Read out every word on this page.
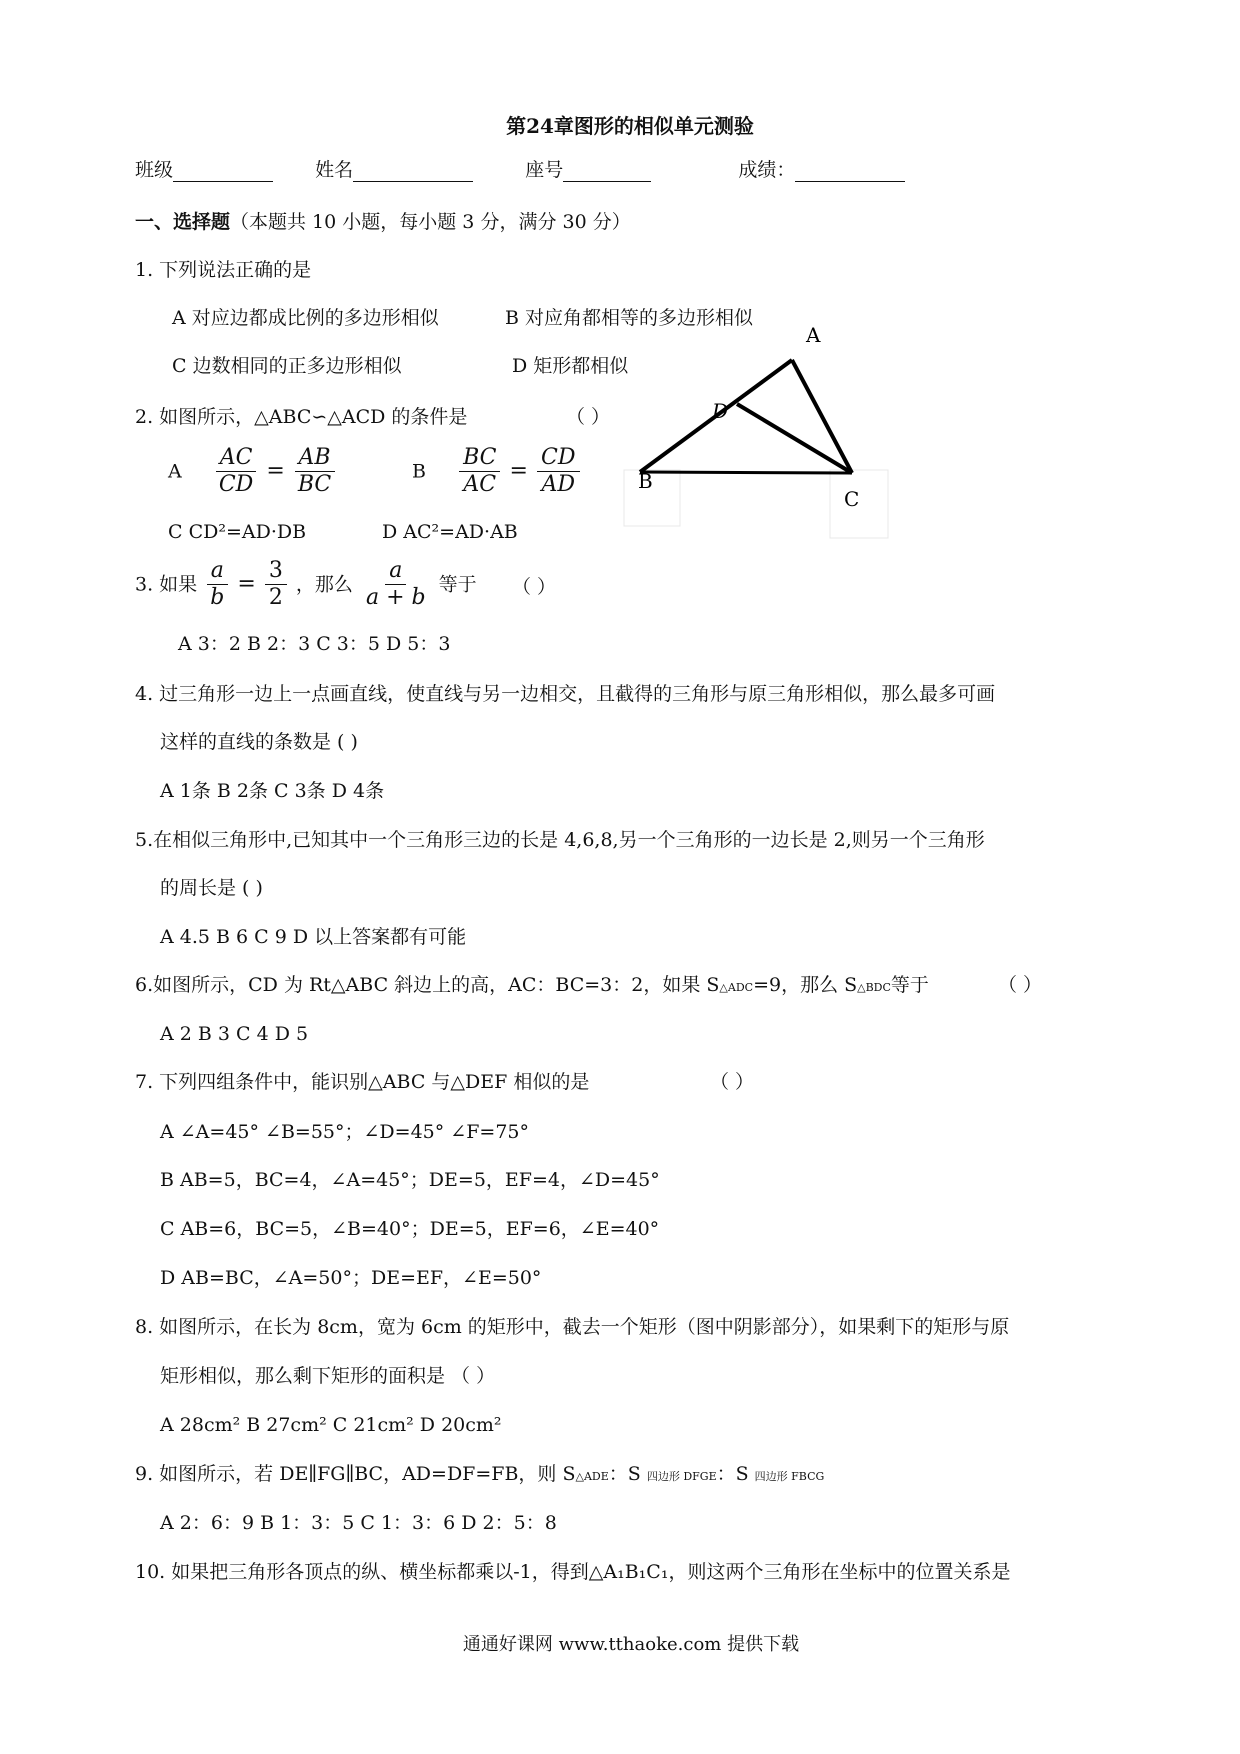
第24章图形的相似单元测验
班级	姓名	座号	成绩：
一、选择题（本题共 10 小题，每小题 3 分，满分 30 分）
1. 下列说法正确的是
A 对应边都成比例的多边形相似	B 对应角都相等的多边形相似
C 边数相同的正多边形相似	D 矩形都相似
2. 如图所示，△ABC∽△ACD 的条件是	（ ）
A $\frac{AC}{CD} = \frac{AB}{BC}$	B $\frac{BC}{AC} = \frac{CD}{AD}$
C CD²=AD·DB	D AC²=AD·AB
A
B
C
D
3. 如果 $\frac{a}{b} = \frac{3}{2}$ ，那么 $\frac{a}{a + b}$ 等于 （ ）
A 3：2 B 2：3 C 3：5 D 5：3
4. 过三角形一边上一点画直线，使直线与另一边相交，且截得的三角形与原三角形相似，那么最多可画
这样的直线的条数是 ( )
A 1条 B 2条 C 3条 D 4条
5.在相似三角形中,已知其中一个三角形三边的长是 4,6,8,另一个三角形的一边长是 2,则另一个三角形
的周长是 ( )
A 4.5 B 6 C 9 D 以上答案都有可能
6.如图所示，CD 为 Rt△ABC 斜边上的高，AC：BC=3：2，如果 S△ADC=9，那么 S△BDC等于	（ ）
A 2 B 3 C 4 D 5
7. 下列四组条件中，能识别△ABC 与△DEF 相似的是	（ ）
A ∠A=45° ∠B=55°；∠D=45° ∠F=75°
B AB=5，BC=4，∠A=45°；DE=5，EF=4，∠D=45°
C AB=6，BC=5，∠B=40°；DE=5，EF=6，∠E=40°
D AB=BC，∠A=50°；DE=EF，∠E=50°
8. 如图所示，在长为 8cm，宽为 6cm 的矩形中，截去一个矩形（图中阴影部分），如果剩下的矩形与原
矩形相似，那么剩下矩形的面积是 （ ）
A 28cm² B 27cm² C 21cm² D 20cm²
9. 如图所示，若 DE∥FG∥BC，AD=DF=FB，则 S△ADE：S 四边形 DFGE：S 四边形 FBCG
A 2：6：9 B 1：3：5 C 1：3：6 D 2：5：8
10. 如果把三角形各顶点的纵、横坐标都乘以-1，得到△A₁B₁C₁，则这两个三角形在坐标中的位置关系是
通通好课网 www.tthaoke.com 提供下载
